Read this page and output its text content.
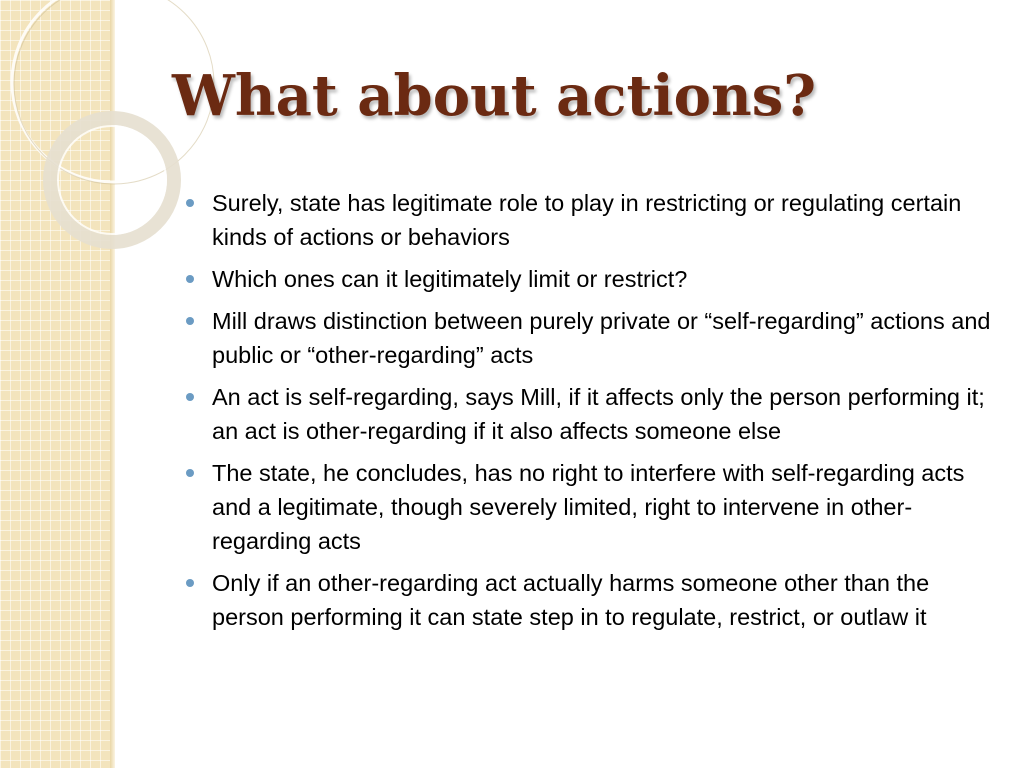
What about actions?
Surely, state has legitimate role to play in restricting or regulating certain kinds of actions or behaviors
Which ones can it legitimately limit or restrict?
Mill draws distinction between purely private or “self-regarding” actions and public or “other-regarding” acts
An act is self-regarding, says Mill, if it affects only the person performing it; an act is other-regarding if it also affects someone else
The state, he concludes, has no right to interfere with self-regarding acts and a legitimate, though severely limited, right to intervene in other-regarding acts
Only if an other-regarding act actually harms someone other than the person performing it can state step in to regulate, restrict, or outlaw it
